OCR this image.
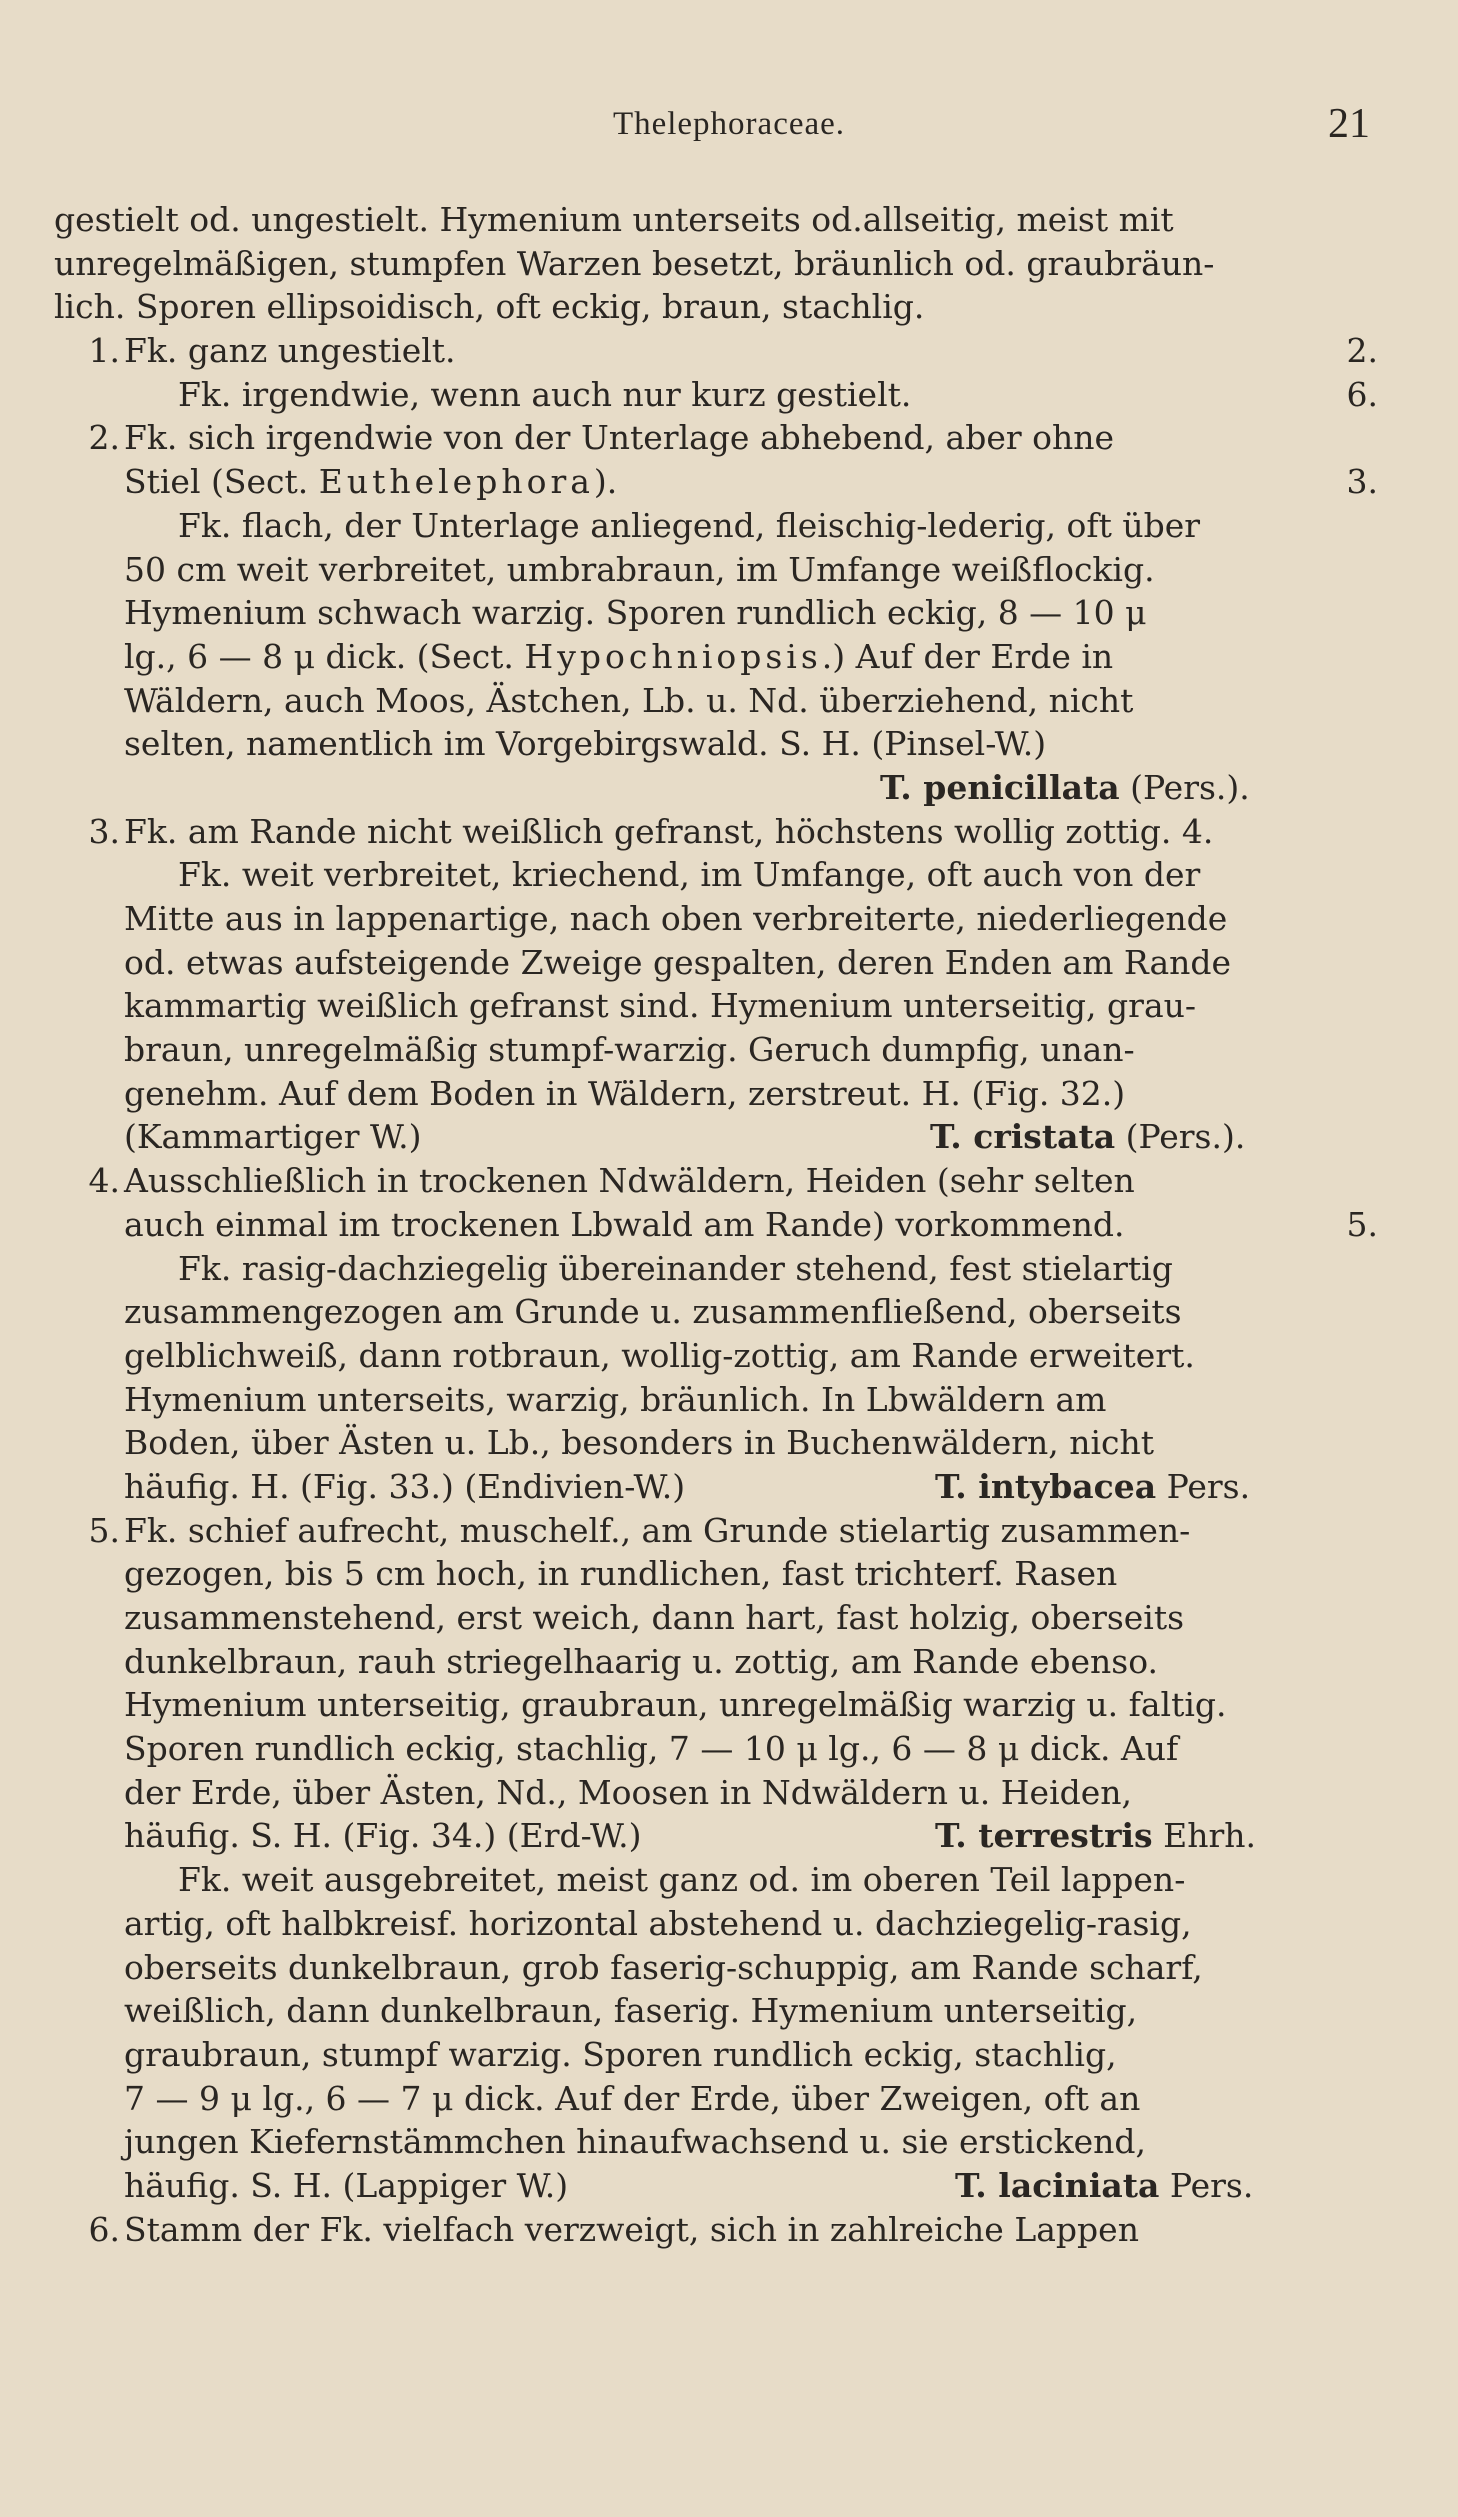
Thelephoraceae.	21
gestielt od. ungestielt. Hymenium unterseits od.allseitig, meist mit
unregelmäßigen, stumpfen Warzen besetzt, bräunlich od. graubräun-
lich. Sporen ellipsoidisch, oft eckig, braun, stachlig.
1. Fk. ganz ungestielt.	2.
Fk. irgendwie, wenn auch nur kurz gestielt.	6.
2. Fk. sich irgendwie von der Unterlage abhebend, aber ohne
Stiel (Sect. Euthelephora).	3.
Fk. flach, der Unterlage anliegend, fleischig-lederig, oft über
50 cm weit verbreitet, umbrabraun, im Umfange weißflockig.
Hymenium schwach warzig. Sporen rundlich eckig, 8 — 10 μ
lg., 6 — 8 μ dick. (Sect. Hypochniopsis.) Auf der Erde in
Wäldern, auch Moos, Ästchen, Lb. u. Nd. überziehend, nicht
selten, namentlich im Vorgebirgswald. S. H. (Pinsel-W.)
T. penicillata (Pers.).
3. Fk. am Rande nicht weißlich gefranst, höchstens wollig zottig. 4.
Fk. weit verbreitet, kriechend, im Umfange, oft auch von der
Mitte aus in lappenartige, nach oben verbreiterte, niederliegende
od. etwas aufsteigende Zweige gespalten, deren Enden am Rande
kammartig weißlich gefranst sind. Hymenium unterseitig, grau-
braun, unregelmäßig stumpf-warzig. Geruch dumpfig, unan-
genehm. Auf dem Boden in Wäldern, zerstreut. H. (Fig. 32.)
(Kammartiger W.)	T. cristata (Pers.).
4. Ausschließlich in trockenen Ndwäldern, Heiden (sehr selten
auch einmal im trockenen Lbwald am Rande) vorkommend.	5.
Fk. rasig-dachziegelig übereinander stehend, fest stielartig
zusammengezogen am Grunde u. zusammenfließend, oberseits
gelblichweiß, dann rotbraun, wollig-zottig, am Rande erweitert.
Hymenium unterseits, warzig, bräunlich. In Lbwäldern am
Boden, über Ästen u. Lb., besonders in Buchenwäldern, nicht
häufig. H. (Fig. 33.) (Endivien-W.)	T. intybacea Pers.
5. Fk. schief aufrecht, muschelf., am Grunde stielartig zusammen-
gezogen, bis 5 cm hoch, in rundlichen, fast trichterf. Rasen
zusammenstehend, erst weich, dann hart, fast holzig, oberseits
dunkelbraun, rauh striegelhaarig u. zottig, am Rande ebenso.
Hymenium unterseitig, graubraun, unregelmäßig warzig u. faltig.
Sporen rundlich eckig, stachlig, 7 — 10 μ lg., 6 — 8 μ dick. Auf
der Erde, über Ästen, Nd., Moosen in Ndwäldern u. Heiden,
häufig. S. H. (Fig. 34.) (Erd-W.)	T. terrestris Ehrh.
Fk. weit ausgebreitet, meist ganz od. im oberen Teil lappen-
artig, oft halbkreisf. horizontal abstehend u. dachziegelig-rasig,
oberseits dunkelbraun, grob faserig-schuppig, am Rande scharf,
weißlich, dann dunkelbraun, faserig. Hymenium unterseitig,
graubraun, stumpf warzig. Sporen rundlich eckig, stachlig,
7 — 9 μ lg., 6 — 7 μ dick. Auf der Erde, über Zweigen, oft an
jungen Kiefernstämmchen hinaufwachsend u. sie erstickend,
häufig. S. H. (Lappiger W.)	T. laciniata Pers.
6. Stamm der Fk. vielfach verzweigt, sich in zahlreiche Lappen
